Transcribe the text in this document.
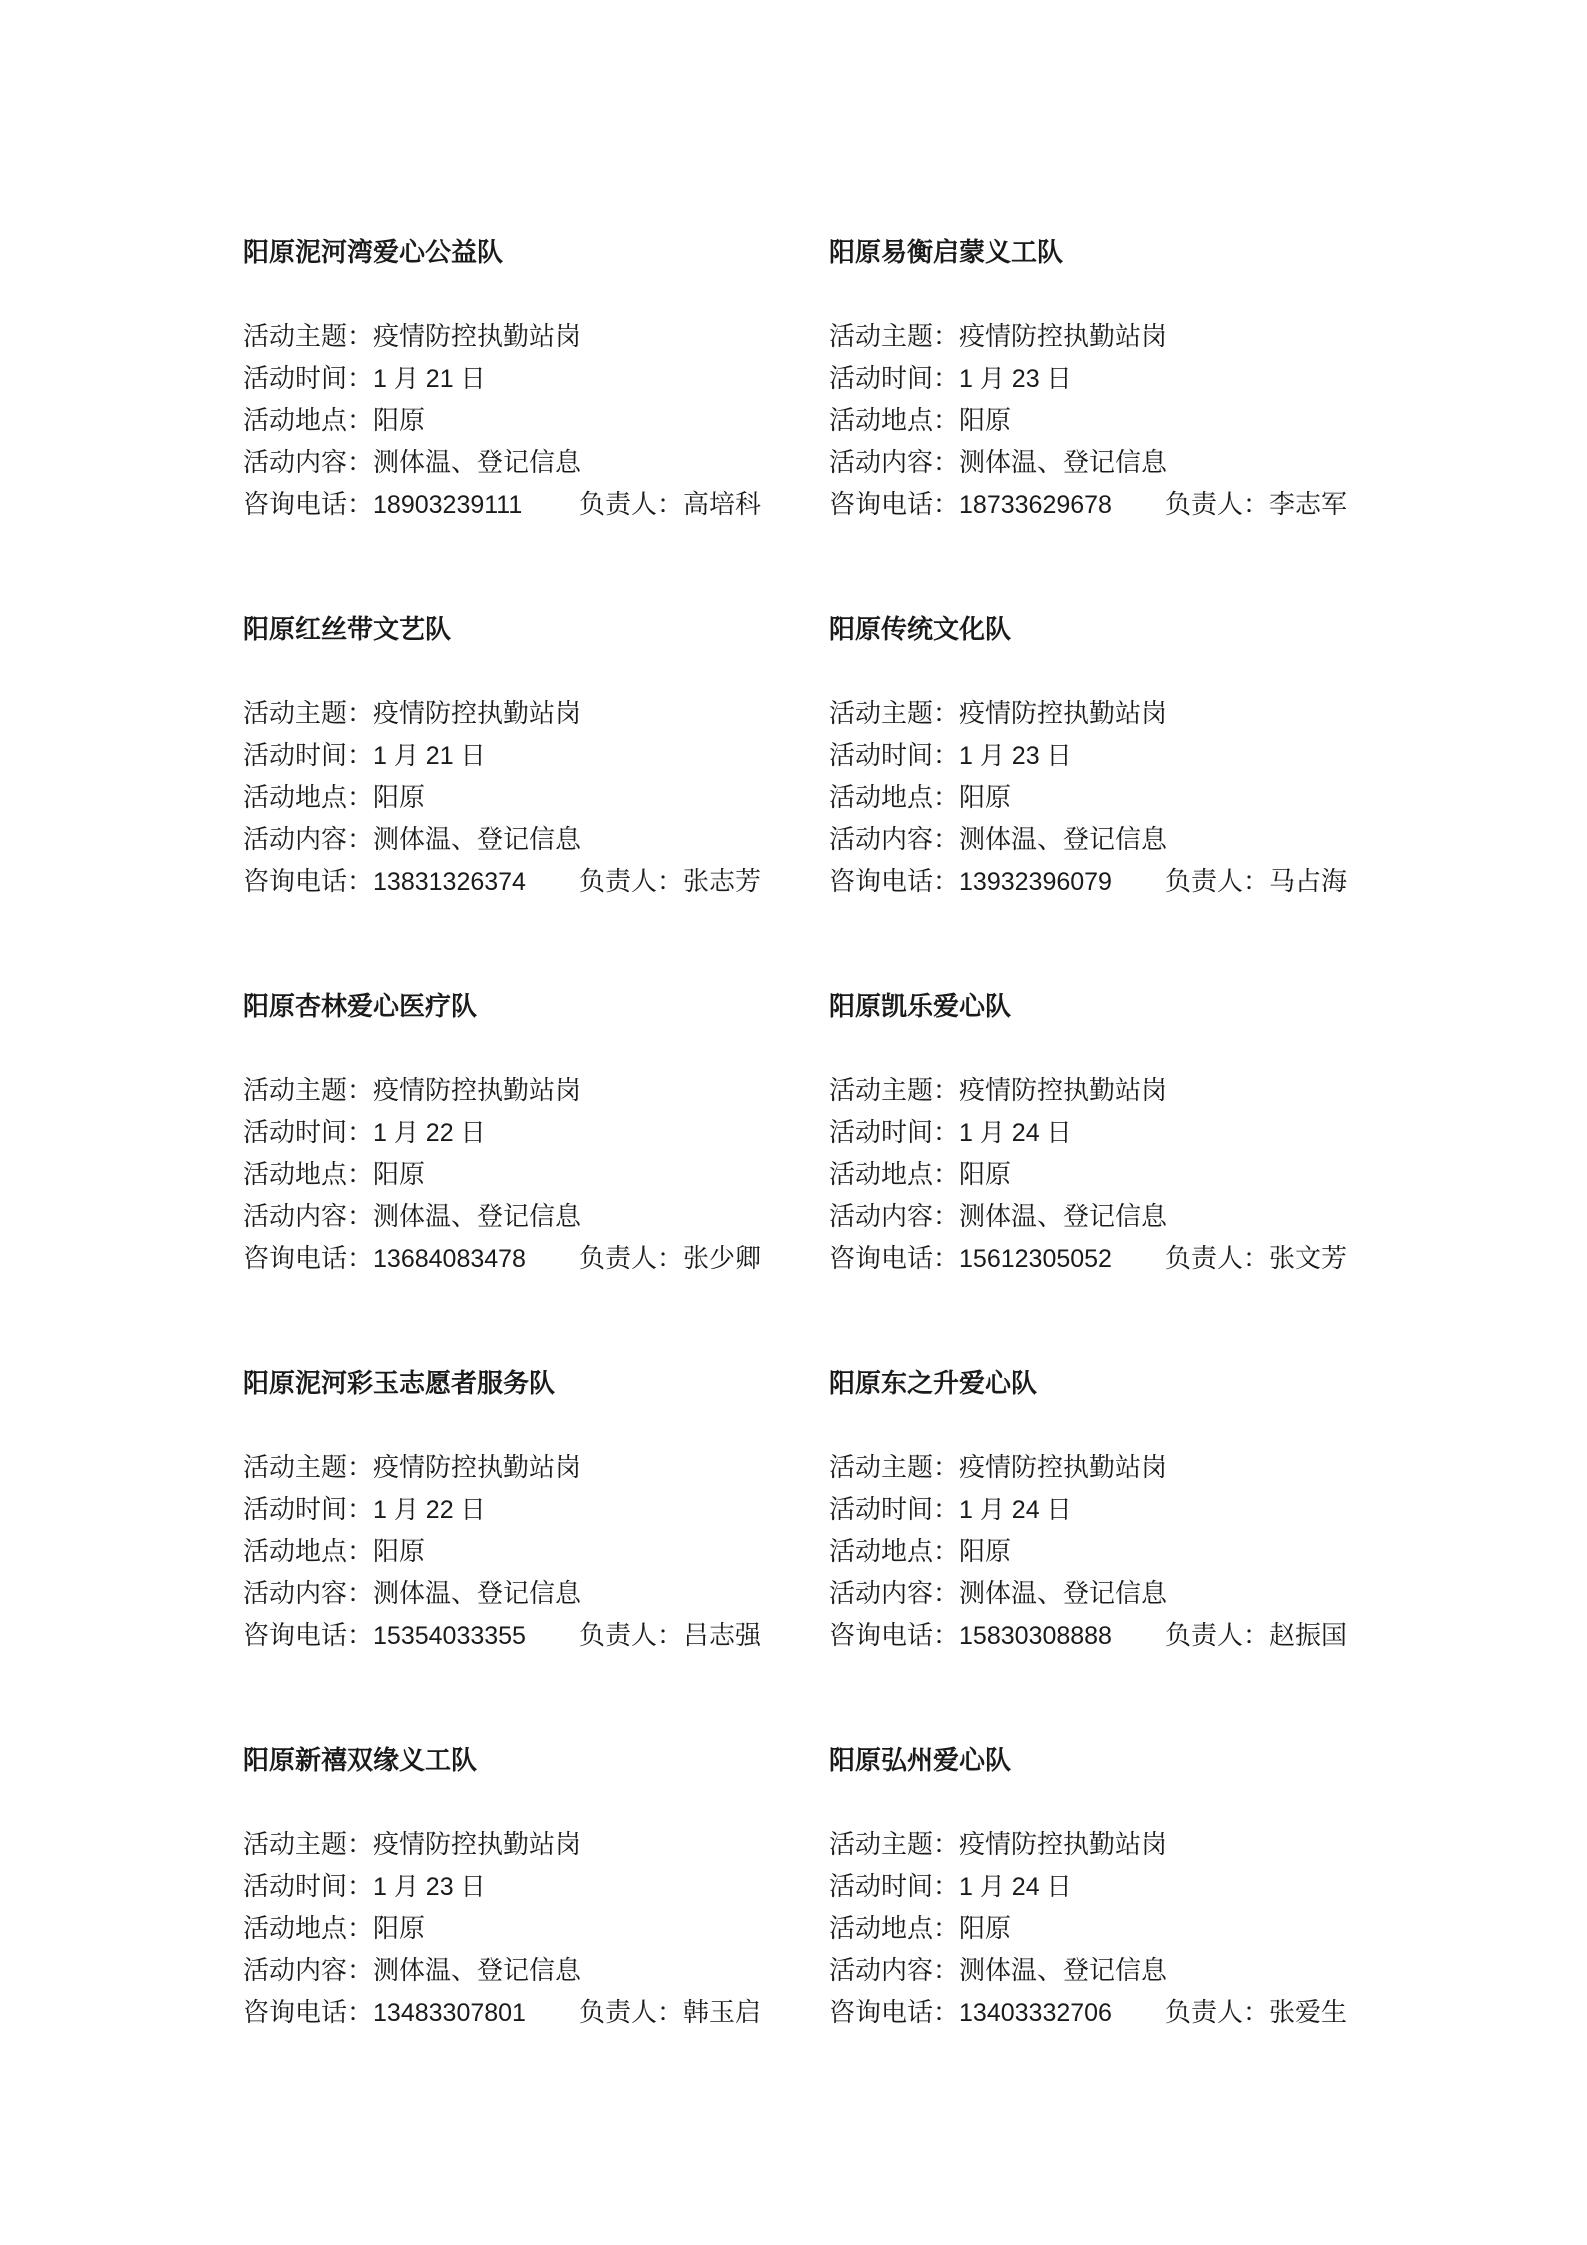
阳原泥河湾爱心公益队
活动主题：疫情防控执勤站岗
活动时间：1 月 21 日
活动地点：阳原
活动内容：测体温、登记信息
咨询电话：18903239111	负责人： 高培科
阳原易衡启蒙义工队
活动主题：疫情防控执勤站岗
活动时间：1 月 23 日
活动地点：阳原
活动内容：测体温、登记信息
咨询电话：18733629678	负责人： 李志军
阳原红丝带文艺队
活动主题：疫情防控执勤站岗
活动时间：1 月 21 日
活动地点：阳原
活动内容：测体温、登记信息
咨询电话：13831326374	负责人： 张志芳
阳原传统文化队
活动主题：疫情防控执勤站岗
活动时间：1 月 23 日
活动地点：阳原
活动内容：测体温、登记信息
咨询电话：13932396079	负责人： 马占海
阳原杏林爱心医疗队
活动主题：疫情防控执勤站岗
活动时间：1 月 22 日
活动地点：阳原
活动内容：测体温、登记信息
咨询电话：13684083478	负责人： 张少卿
阳原凯乐爱心队
活动主题：疫情防控执勤站岗
活动时间：1 月 24 日
活动地点：阳原
活动内容：测体温、登记信息
咨询电话：15612305052	负责人： 张文芳
阳原泥河彩玉志愿者服务队
活动主题：疫情防控执勤站岗
活动时间：1 月 22 日
活动地点：阳原
活动内容：测体温、登记信息
咨询电话：15354033355	负责人： 吕志强
阳原东之升爱心队
活动主题：疫情防控执勤站岗
活动时间：1 月 24 日
活动地点：阳原
活动内容：测体温、登记信息
咨询电话：15830308888	负责人： 赵振国
阳原新禧双缘义工队
活动主题：疫情防控执勤站岗
活动时间：1 月 23 日
活动地点：阳原
活动内容：测体温、登记信息
咨询电话：13483307801	负责人： 韩玉启
阳原弘州爱心队
活动主题：疫情防控执勤站岗
活动时间：1 月 24 日
活动地点：阳原
活动内容：测体温、登记信息
咨询电话：13403332706	负责人： 张爱生
